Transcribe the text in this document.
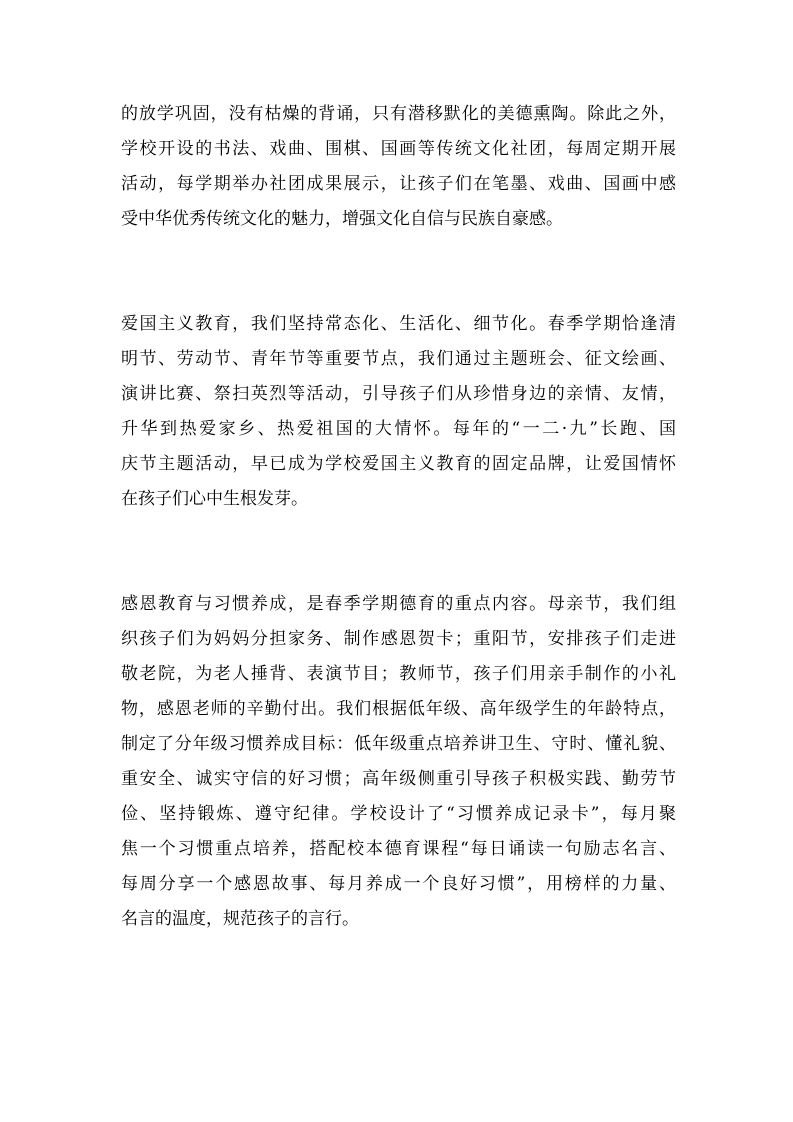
的放学巩固，没有枯燥的背诵，只有潜移默化的美德熏陶。除此之外，
学校开设的书法、戏曲、围棋、国画等传统文化社团，每周定期开展
活动，每学期举办社团成果展示，让孩子们在笔墨、戏曲、国画中感
受中华优秀传统文化的魅力，增强文化自信与民族自豪感。
爱国主义教育，我们坚持常态化、生活化、细节化。春季学期恰逢清
明节、劳动节、青年节等重要节点，我们通过主题班会、征文绘画、
演讲比赛、祭扫英烈等活动，引导孩子们从珍惜身边的亲情、友情，
升华到热爱家乡、热爱祖国的大情怀。每年的“一二·九”长跑、国
庆节主题活动，早已成为学校爱国主义教育的固定品牌，让爱国情怀
在孩子们心中生根发芽。
感恩教育与习惯养成，是春季学期德育的重点内容。母亲节，我们组
织孩子们为妈妈分担家务、制作感恩贺卡；重阳节，安排孩子们走进
敬老院，为老人捶背、表演节目；教师节，孩子们用亲手制作的小礼
物，感恩老师的辛勤付出。我们根据低年级、高年级学生的年龄特点，
制定了分年级习惯养成目标：低年级重点培养讲卫生、守时、懂礼貌、
重安全、诚实守信的好习惯；高年级侧重引导孩子积极实践、勤劳节
俭、坚持锻炼、遵守纪律。学校设计了“习惯养成记录卡”，每月聚
焦一个习惯重点培养，搭配校本德育课程“每日诵读一句励志名言、
每周分享一个感恩故事、每月养成一个良好习惯”，用榜样的力量、
名言的温度，规范孩子的言行。
